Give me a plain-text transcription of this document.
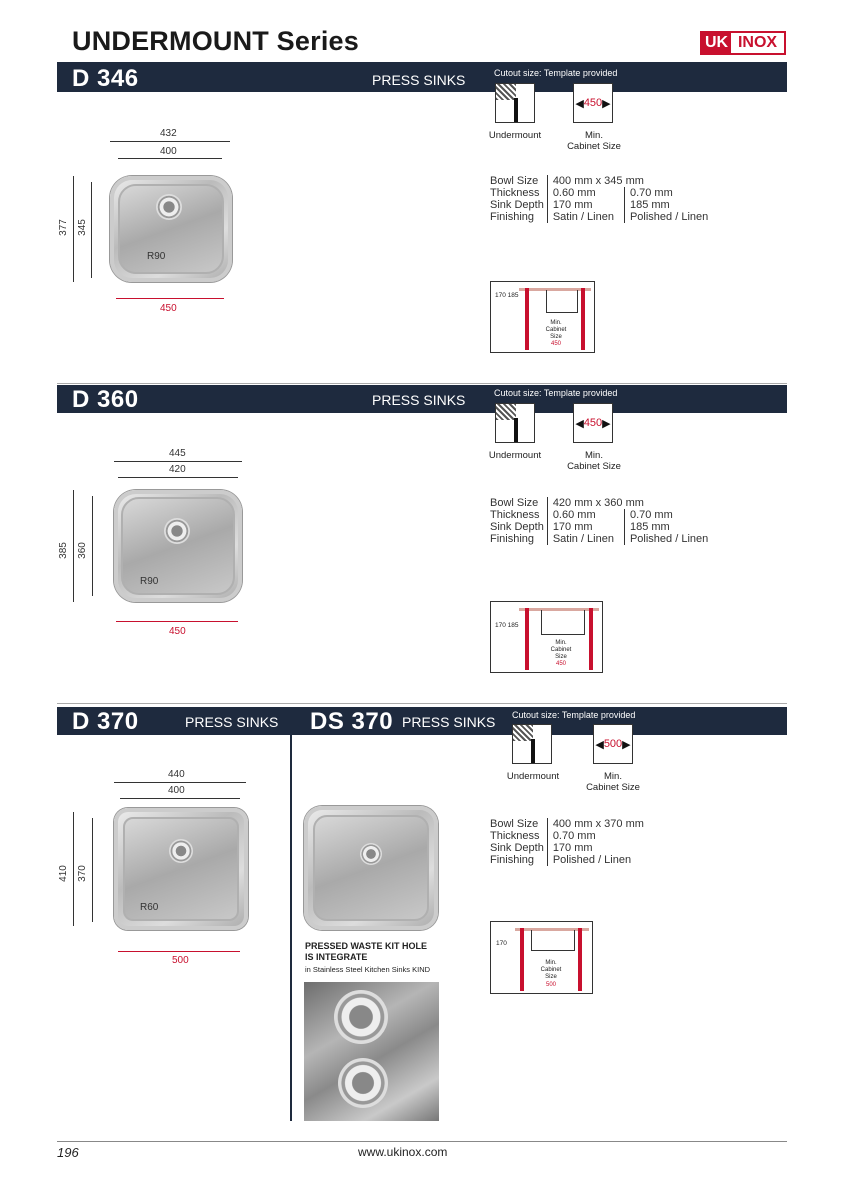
UNDERMOUNT Series	UK INOX
D 346	PRESS SINKS	Cutout size: Template provided
432
400
377 345
R90
450
Undermount
◀ 450 ▶
Min.
Cabinet Size
Bowl Size	400 mm x 345 mm	
Thickness	0.60 mm	0.70 mm
Sink Depth	170 mm	185 mm
Finishing	Satin / Linen	Polished / Linen
170 185
Min.
Cabinet
Size
450
D 360	PRESS SINKS	Cutout size: Template provided
445
420
385 360
R90
450
Undermount
◀ 450 ▶
Min.
Cabinet Size
Bowl Size	420 mm x 360 mm	
Thickness	0.60 mm	0.70 mm
Sink Depth	170 mm	185 mm
Finishing	Satin / Linen	Polished / Linen
170 185
Min.
Cabinet
Size
450
D 370	PRESS SINKS DS 370 PRESS SINKS Cutout size: Template provided
440
400
410 370
R60
500
PRESSED WASTE KIT HOLE
IS INTEGRATE
in Stainless Steel Kitchen Sinks KIND
Undermount
◀ 500 ▶
Min.
Cabinet Size
Bowl Size	400 mm x 370 mm
Thickness	0.70 mm
Sink Depth	170 mm
Finishing	Polished / Linen
170
Min.
Cabinet
Size
500
196	www.ukinox.com
